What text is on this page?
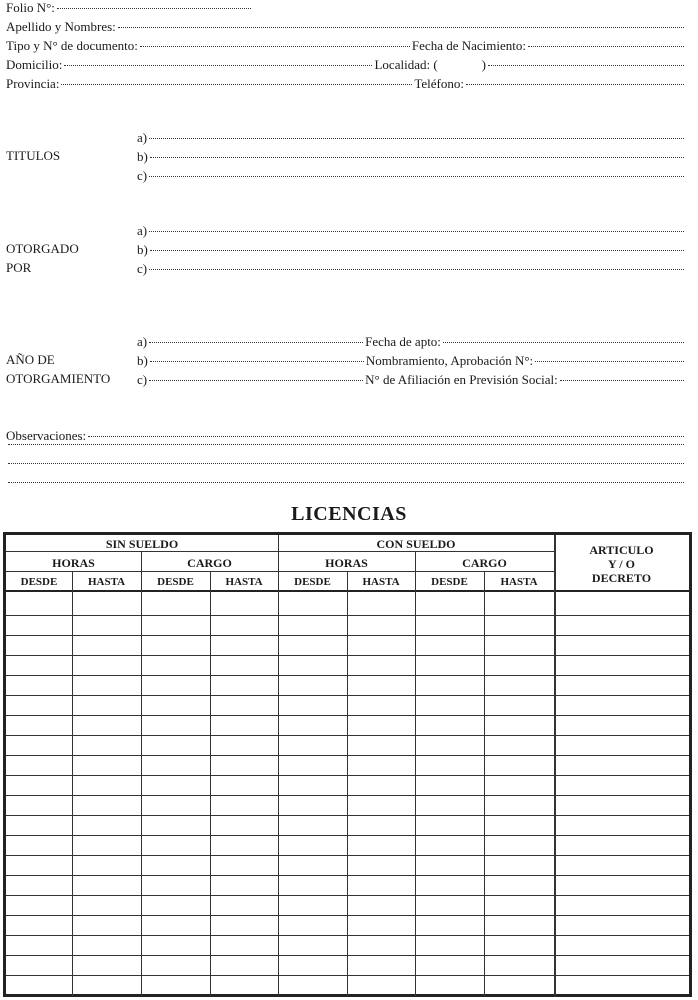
Folio N°:
Apellido y Nombres:
Tipo y N° de documento:	Fecha de Nacimiento:
Domicilio:	Localidad: (	)
Provincia:	Teléfono:
TITULOS
a)
b)
c)
OTORGADO
POR
a)
b)
c)
AÑO DE
OTORGAMIENTO
a)	Fecha de apto:
b)	Nombramiento, Aprobación N°:
c)	N° de Afiliación en Previsión Social:
Observaciones:
LICENCIAS
SIN SUELDO	CON SUELDO
HORAS	CARGO	HORAS	CARGO
DESDE	HASTA	DESDE	HASTA	DESDE	HASTA	DESDE	HASTA
ARTICULO
Y / O
DECRETO
